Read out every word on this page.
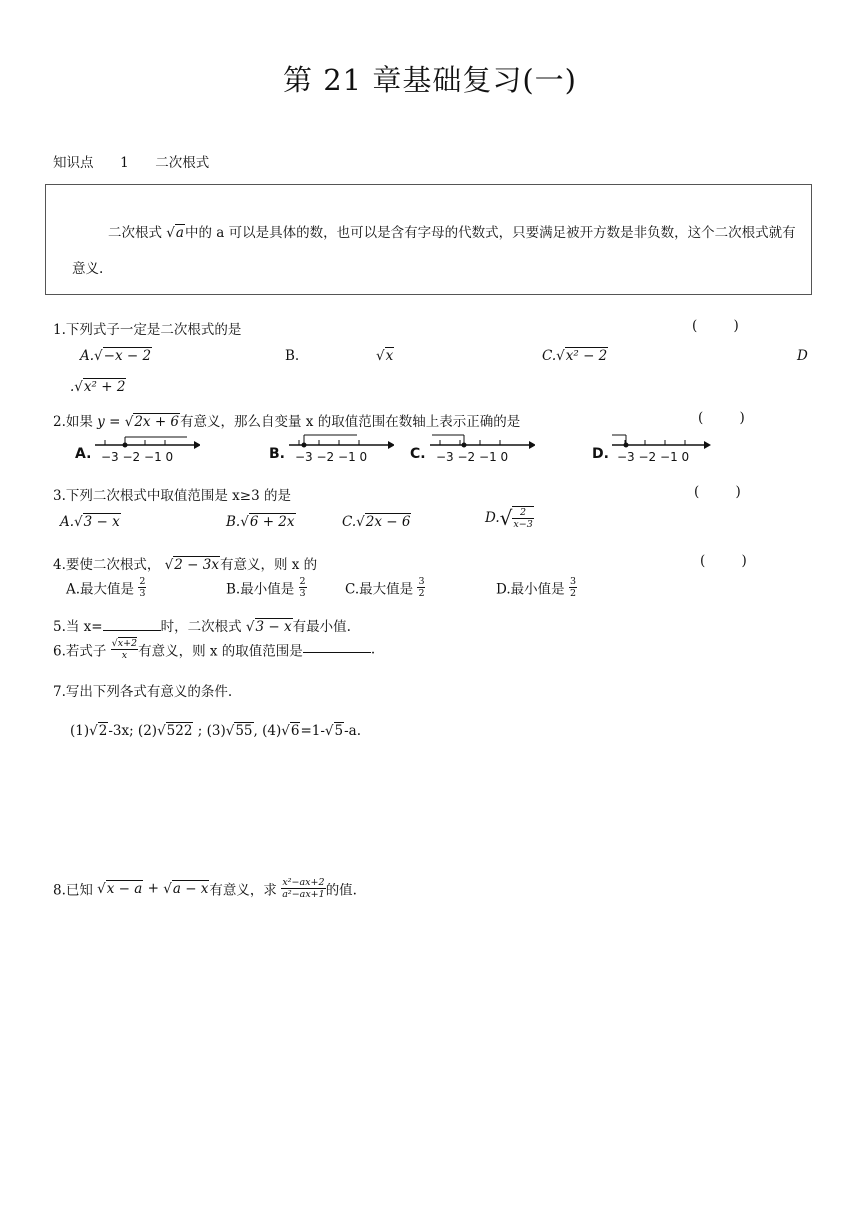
第 21 章基础复习(一)
知识点 1 二次根式
二次根式 √a中的 a 可以是具体的数，也可以是含有字母的代数式，只要满足被开方数是非负数，这个二次根式就有意义.
1.下列式子一定是二次根式的是	( )
A.√−x − 2	B.	√x	C.√x² − 2	D
.√x² + 2
2.如果 y = √2x + 6有意义，那么自变量 x 的取值范围在数轴上表示正确的是	( )
A. −3 −2 −1 0	B. −3 −2 −1 0	C. −3 −2 −1 0	D. −3 −2 −1 0
3.下列二次根式中取值范围是 x≥3 的是	( )
A.√3 − x	B.√6 + 2x	C.√2x − 6	$D.√ \frac{2}{x-3}$
4.要使二次根式， √2 − 3x有意义，则 x 的	( )
A.最大值是 $\frac{2}{3}$	B.最小值是 $\frac{2}{3}$	C.最大值是 $\frac{3}{2}$	D.最小值是 $\frac{3}{2}$
5.当 x=	时，二次根式 √3 − x有最小值.
6.若式子 $\frac{√x+2}{x}$ 有意义，则 x 的取值范围是	.
7.写出下列各式有意义的条件.
(1)√2-3x; (2)√522 ; (3)√55, (4)√6=1-√5-a.
8.已知 √x − a + √a − x有意义，求 $\frac{\text{x²−ax+2}}{\text{a²−ax+1}}$ 的值.
